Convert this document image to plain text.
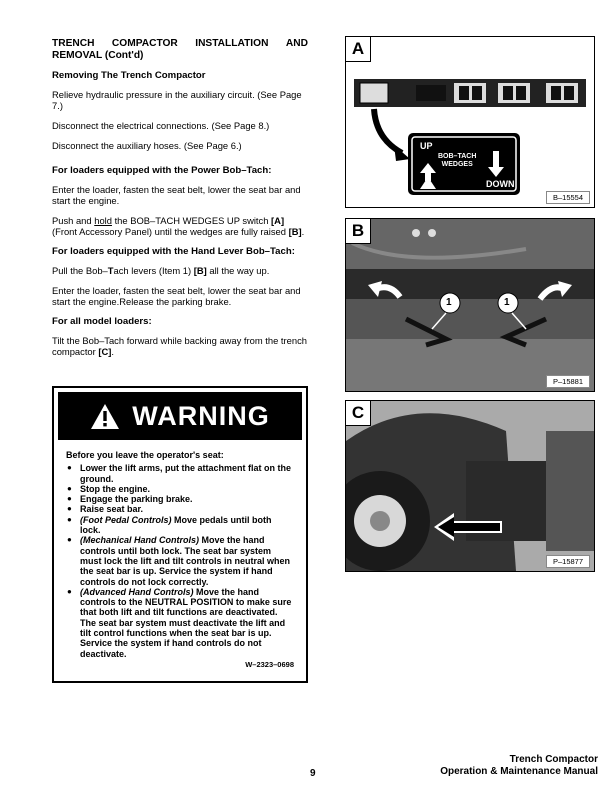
TRENCH COMPACTOR INSTALLATION AND
REMOVAL (Cont'd)
Removing The Trench Compactor

Relieve hydraulic pressure in the auxiliary circuit. (See Page 7.)

Disconnect the electrical connections. (See Page 8.)

Disconnect the auxiliary hoses. (See Page 6.)

For loaders equipped with the Power Bob–Tach:

Enter the loader, fasten the seat belt, lower the seat bar and start the engine.

Push and hold the BOB–TACH WEDGES UP switch [A] (Front Accessory Panel) until the wedges are fully raised [B].

For loaders equipped with the Hand Lever Bob–Tach:

Pull the Bob–Tach levers (Item 1) [B] all the way up.

Enter the loader, fasten the seat belt, lower the seat bar and start the engine.Release the parking brake.

For all model loaders:

Tilt the Bob–Tach forward while backing away from the trench compactor [C].

WARNING
Before you leave the operator's seat:
● Lower the lift arms, put the attachment flat on the ground.
● Stop the engine.
● Engage the parking brake.
● Raise seat bar.
● (Foot Pedal Controls) Move pedals until both lock.
● (Mechanical Hand Controls) Move the hand controls until both lock. The seat bar system must lock the lift and tilt controls in neutral when the seat bar is up. Service the system if hand controls do not lock correctly.
● (Advanced Hand Controls) Move the hand controls to the NEUTRAL POSITION to make sure that both lift and tilt functions are deactivated. The seat bar system must deactivate the lift and tilt control functions when the seat bar is up. Service the system if hand controls do not deactivate.
W–2323–0698
A
UP
BOB–TACH
WEDGES
DOWN
B–15554
B
1	1
P–15881
C
P–15877
9
Trench Compactor
Operation & Maintenance Manual
